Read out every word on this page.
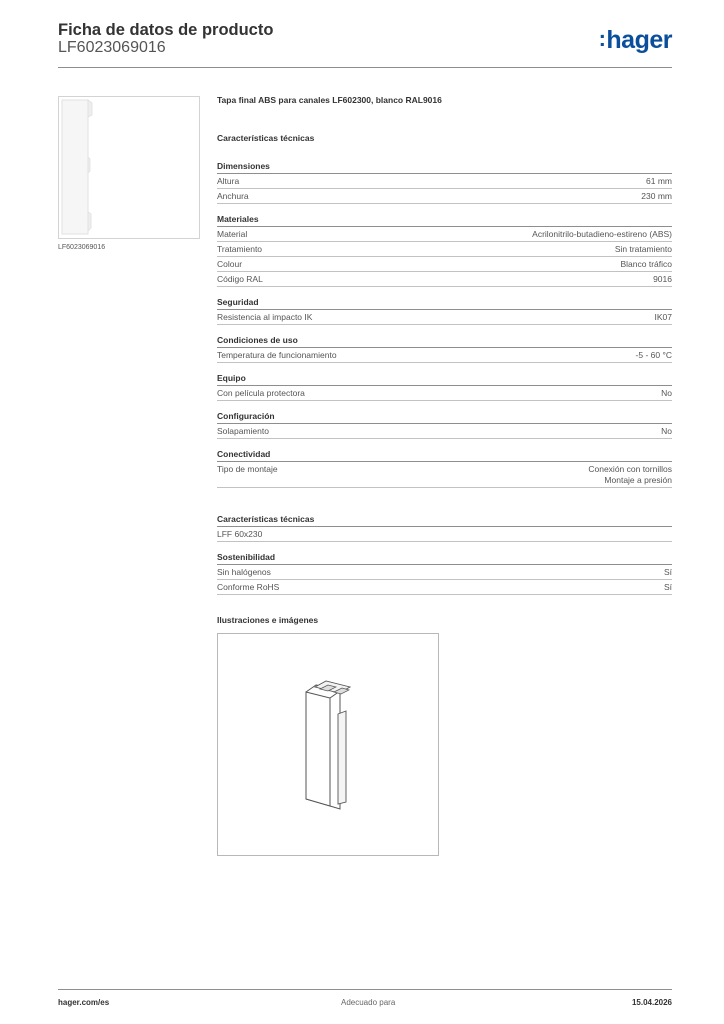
Ficha de datos de producto
LF6023069016	:hager
LF6023069016
Tapa final ABS para canales LF602300, blanco RAL9016
Características técnicas
Dimensiones
Altura	61 mm
Anchura	230 mm
Materiales
Material	Acrilonitrilo-butadieno-estireno (ABS)
Tratamiento	Sin tratamiento
Colour	Blanco tráfico
Código RAL	9016
Seguridad
Resistencia al impacto IK	IK07
Condiciones de uso
Temperatura de funcionamiento	-5 - 60 °C
Equipo
Con película protectora	No
Configuración
Solapamiento	No
Conectividad
Tipo de montaje	Conexión con tornillos
Montaje a presión
Características técnicas
LFF 60x230
Sostenibilidad
Sin halógenos	Sí
Conforme RoHS	Sí
Ilustraciones e imágenes
hager.com/es	Adecuado para	15.04.2026
